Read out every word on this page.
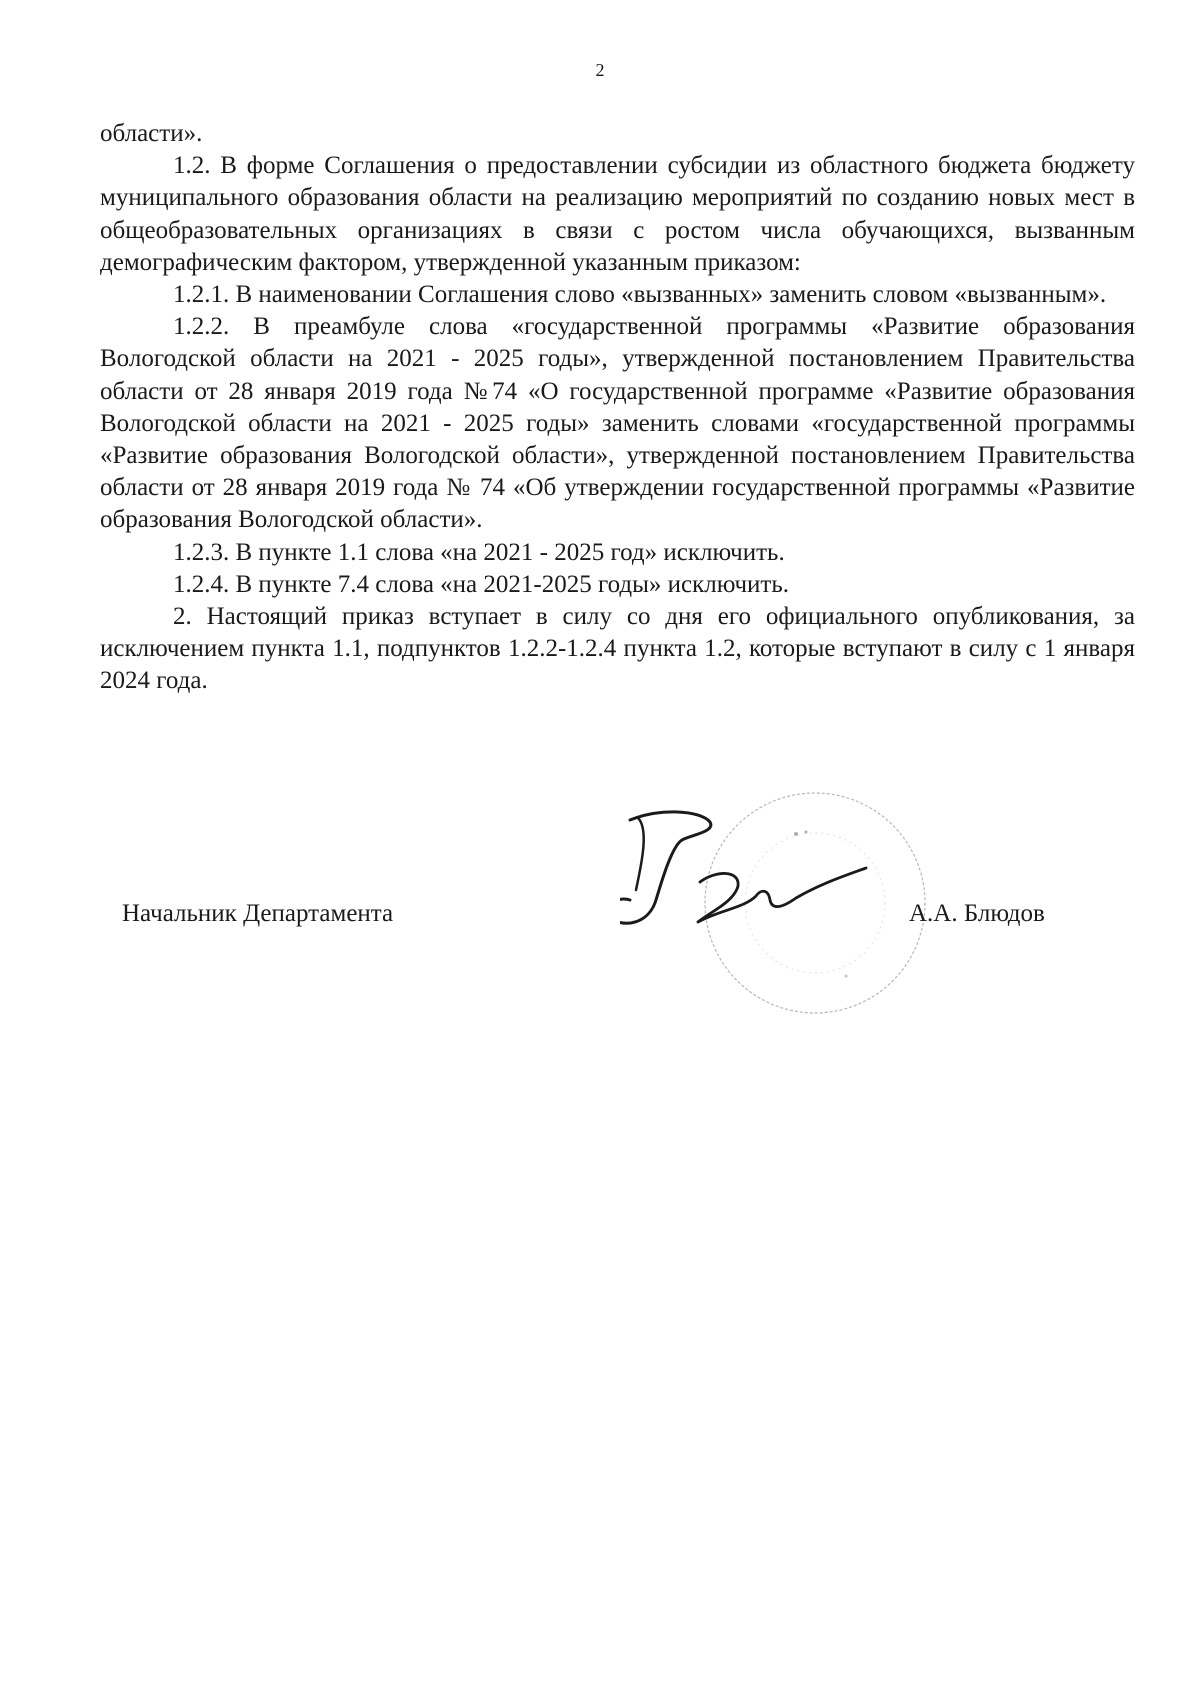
2

области».

1.2. В форме Соглашения о предоставлении субсидии из областного бюджета бюджету муниципального образования области на реализацию мероприятий по созданию новых мест в общеобразовательных организациях в связи с ростом числа обучающихся, вызванным демографическим фактором, утвержденной указанным приказом:

1.2.1. В наименовании Соглашения слово «вызванных» заменить словом «вызванным».

1.2.2. В преамбуле слова «государственной программы «Развитие образования Вологодской области на 2021 - 2025 годы», утвержденной постановлением Правительства области от 28 января 2019 года №74 «О государственной программе «Развитие образования Вологодской области на 2021 - 2025 годы» заменить словами «государственной программы «Развитие образования Вологодской области», утвержденной постановлением Правительства области от 28 января 2019 года № 74 «Об утверждении государственной программы «Развитие образования Вологодской области».

1.2.3. В пункте 1.1 слова «на 2021 - 2025 год» исключить.

1.2.4. В пункте 7.4 слова «на 2021-2025 годы» исключить.

2. Настоящий приказ вступает в силу со дня его официального опубликования, за исключением пункта 1.1, подпунктов 1.2.2-1.2.4 пункта 1.2, которые вступают в силу с 1 января 2024 года.

Начальник Департамента	А.А. Блюдов
